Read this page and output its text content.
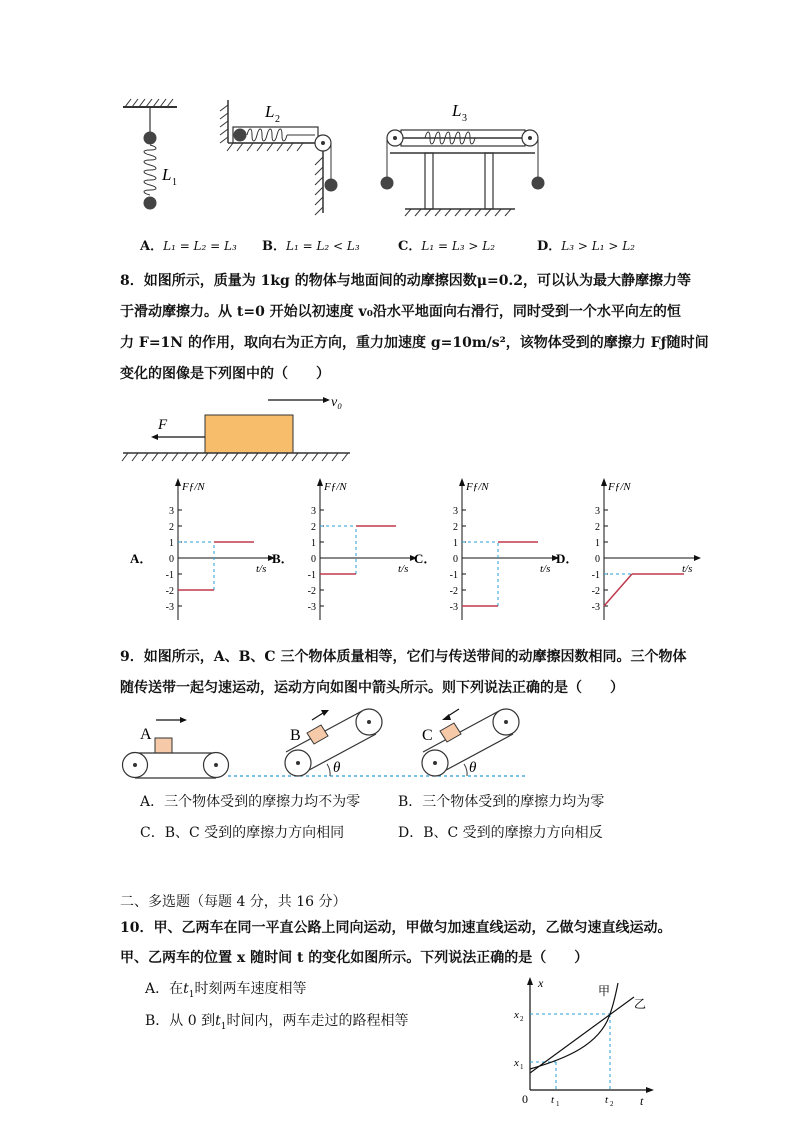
L 1
L 2	L 3
A．L₁ = L₂ = L₃ B．L₁ = L₂ < L₃	C．L₁ = L₃ > L₂	D．L₃ > L₁ > L₂
8．如图所示，质量为 1kg 的物体与地面间的动摩擦因数μ=0.2，可以认为最大静摩擦力等
于滑动摩擦力。从 t=0 开始以初速度 v₀沿水平地面向右滑行，同时受到一个水平向左的恒
力 F=1N 的作用，取向右为正方向，重力加速度 g=10m/s²，该物体受到的摩擦力 Fƒ随时间
变化的图像是下列图中的（　　）
v₀
F
A．
Fƒ/N
t/s
3
2
1
0
-1
-2
-3
B．
Fƒ/N
t/s
3
2
1
0
-1
-2
-3
C．
Fƒ/N
t/s
3
2
1
0
-1
-2
-3
D．
Fƒ/N
t/s
3
2
1
0
-1
-2
-3
9．如图所示，A、B、C 三个物体质量相等，它们与传送带间的动摩擦因数相同。三个物体
随传送带一起匀速运动，运动方向如图中箭头所示。则下列说法正确的是（　　）
A	B
θ
C
θ
A．三个物体受到的摩擦力均不为零	B．三个物体受到的摩擦力均为零
C．B、C 受到的摩擦力方向相同	D．B、C 受到的摩擦力方向相反
二、多选题（每题 4 分，共 16 分）
10．甲、乙两车在同一平直公路上同向运动，甲做匀加速直线运动，乙做匀速直线运动。
甲、乙两车的位置 x 随时间 t 的变化如图所示。下列说法正确的是（　　）
A．在$t_1$时刻两车速度相等
B．从 0 到$t_1$时间内，两车走过的路程相等
x
t
0
甲
乙
x 2
x 1
t 1	t 2
